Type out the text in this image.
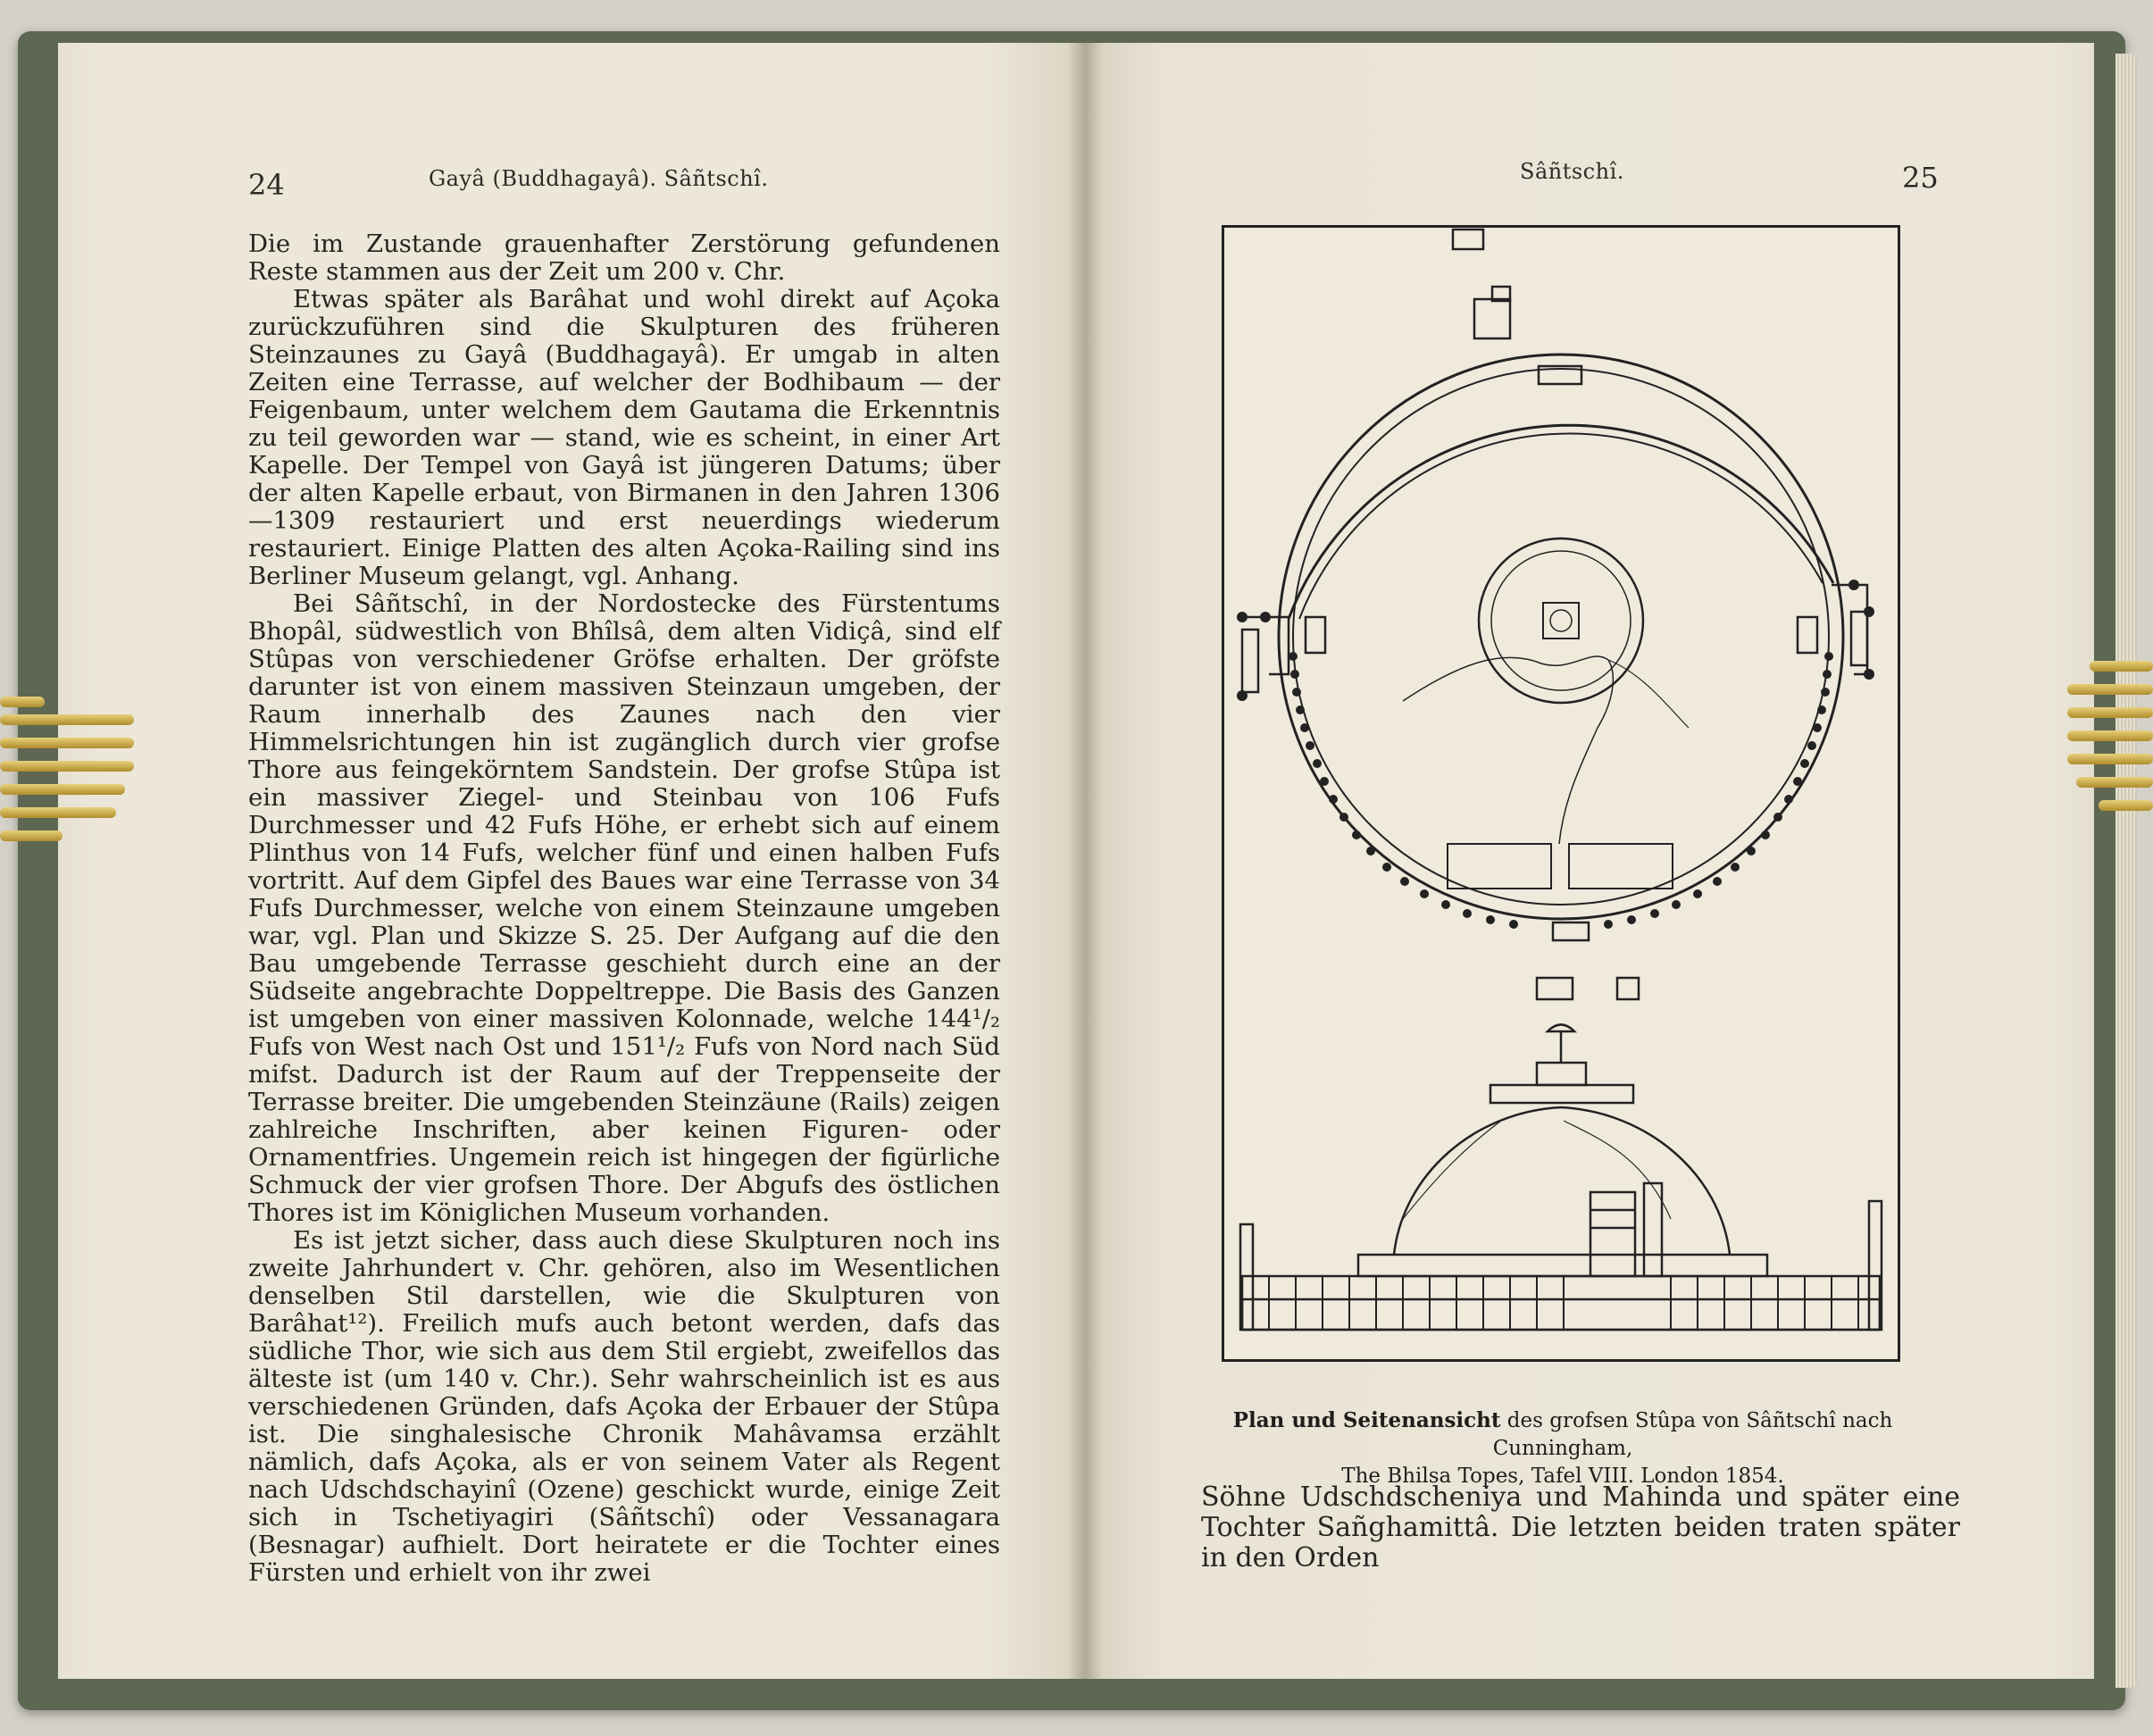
24	Gayâ (Buddhagayâ). Sâñtschî.

Die im Zustande grauenhafter Zerstörung gefundenen Reste stammen aus der Zeit um 200 v. Chr.

Etwas später als Barâhat und wohl direkt auf Açoka zurückzuführen sind die Skulpturen des früheren Steinzaunes zu Gayâ (Buddhagayâ). Er umgab in alten Zeiten eine Terrasse, auf welcher der Bodhibaum — der Feigenbaum, unter welchem dem Gautama die Erkenntnis zu teil geworden war — stand, wie es scheint, in einer Art Kapelle. Der Tempel von Gayâ ist jüngeren Datums; über der alten Kapelle erbaut, von Birmanen in den Jahren 1306—1309 restauriert und erst neuerdings wiederum restauriert. Einige Platten des alten Açoka-Railing sind ins Berliner Museum gelangt, vgl. Anhang.

Bei Sâñtschî, in der Nordostecke des Fürstentums Bhopâl, südwestlich von Bhîlsâ, dem alten Vidiçâ, sind elf Stûpas von verschiedener Gröfse erhalten. Der gröfste darunter ist von einem massiven Steinzaun umgeben, der Raum innerhalb des Zaunes nach den vier Himmelsrichtungen hin ist zugänglich durch vier grofse Thore aus feingekörntem Sandstein. Der grofse Stûpa ist ein massiver Ziegel- und Steinbau von 106 Fufs Durchmesser und 42 Fufs Höhe, er erhebt sich auf einem Plinthus von 14 Fufs, welcher fünf und einen halben Fufs vortritt. Auf dem Gipfel des Baues war eine Terrasse von 34 Fufs Durchmesser, welche von einem Steinzaune umgeben war, vgl. Plan und Skizze S. 25. Der Aufgang auf die den Bau umgebende Terrasse geschieht durch eine an der Südseite angebrachte Doppeltreppe. Die Basis des Ganzen ist umgeben von einer massiven Kolonnade, welche 144¹/₂ Fufs von West nach Ost und 151¹/₂ Fufs von Nord nach Süd mifst. Dadurch ist der Raum auf der Treppenseite der Terrasse breiter. Die umgebenden Steinzäune (Rails) zeigen zahlreiche Inschriften, aber keinen Figuren- oder Ornamentfries. Ungemein reich ist hingegen der figürliche Schmuck der vier grofsen Thore. Der Abgufs des östlichen Thores ist im Königlichen Museum vorhanden.

Es ist jetzt sicher, dass auch diese Skulpturen noch ins zweite Jahrhundert v. Chr. gehören, also im Wesentlichen denselben Stil darstellen, wie die Skulpturen von Barâhat¹²). Freilich mufs auch betont werden, dafs das südliche Thor, wie sich aus dem Stil ergiebt, zweifellos das älteste ist (um 140 v. Chr.). Sehr wahrscheinlich ist es aus verschiedenen Gründen, dafs Açoka der Erbauer der Stûpa ist. Die singhalesische Chronik Mahâvamsa erzählt nämlich, dafs Açoka, als er von seinem Vater als Regent nach Udschdschayinî (Ozene) geschickt wurde, einige Zeit sich in Tschetiyagiri (Sâñtschî) oder Vessanagara (Besnagar) aufhielt. Dort heiratete er die Tochter eines Fürsten und erhielt von ihr zwei

Sâñtschî.	25
Plan und Seitenansicht des grofsen Stûpa von Sâñtschî nach Cunningham,
The Bhilsa Topes, Tafel VIII. London 1854.
Söhne Udschdscheniya und Mahinda und später eine Tochter Sañghamittâ. Die letzten beiden traten später in den Orden
